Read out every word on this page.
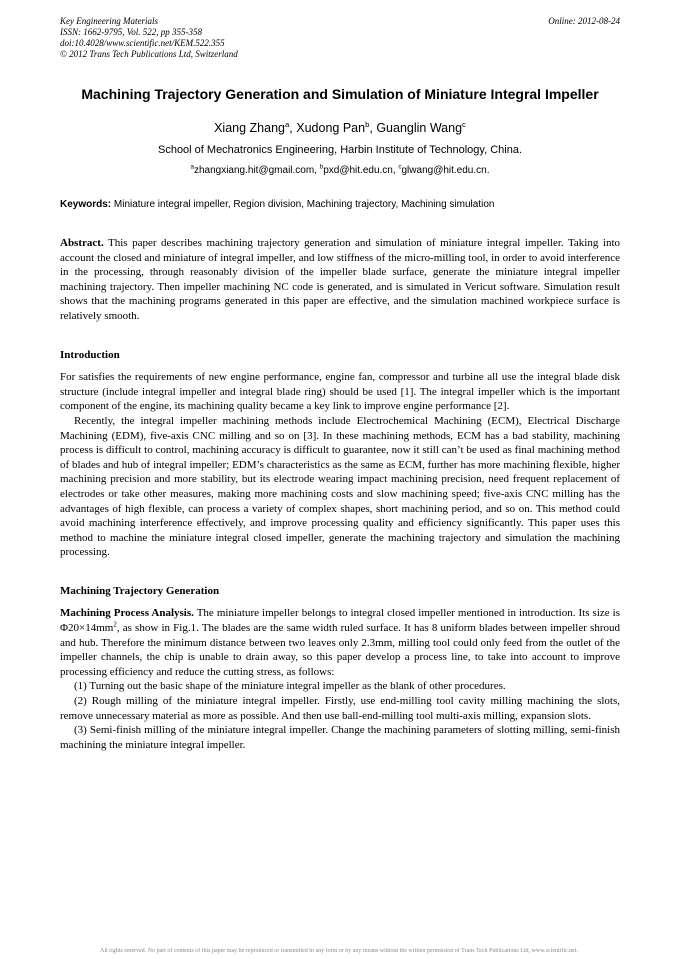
Key Engineering Materials
ISSN: 1662-9795, Vol. 522, pp 355-358
doi:10.4028/www.scientific.net/KEM.522.355
© 2012 Trans Tech Publications Ltd, Switzerland
Online: 2012-08-24
Machining Trajectory Generation and Simulation of Miniature Integral Impeller

Xiang Zhang$^a$, Xudong Pan$^b$, Guanglin Wang$^c$

School of Mechatronics Engineering, Harbin Institute of Technology, China.

$^a$zhangxiang.hit@gmail.com, $^b$pxd@hit.edu.cn, $^c$glwang@hit.edu.cn.

Keywords: Miniature integral impeller, Region division, Machining trajectory, Machining simulation

Abstract. This paper describes machining trajectory generation and simulation of miniature integral impeller. Taking into account the closed and miniature of integral impeller, and low stiffness of the micro-milling tool, in order to avoid interference in the processing, through reasonably division of the impeller blade surface, generate the miniature integral impeller machining trajectory. Then impeller machining NC code is generated, and is simulated in Vericut software. Simulation result shows that the machining programs generated in this paper are effective, and the simulation machined workpiece surface is relatively smooth.

Introduction

For satisfies the requirements of new engine performance, engine fan, compressor and turbine all use the integral blade disk structure (include integral impeller and integral blade ring) should be used [1]. The integral impeller which is the important component of the engine, its machining quality became a key link to improve engine performance [2].

Recently, the integral impeller machining methods include Electrochemical Machining (ECM), Electrical Discharge Machining (EDM), five-axis CNC milling and so on [3]. In these machining methods, ECM has a bad stability, machining process is difficult to control, machining accuracy is difficult to guarantee, now it still can’t be used as final machining method of blades and hub of integral impeller; EDM’s characteristics as the same as ECM, further has more machining flexible, higher machining precision and more stability, but its electrode wearing impact machining precision, need frequent replacement of electrodes or take other measures, making more machining costs and slow machining speed; five-axis CNC milling has the advantages of high flexible, can process a variety of complex shapes, short machining period, and so on. This method could avoid machining interference effectively, and improve processing quality and efficiency significantly. This paper uses this method to machine the miniature integral closed impeller, generate the machining trajectory and simulation the machining processing.

Machining Trajectory Generation

Machining Process Analysis. The miniature impeller belongs to integral closed impeller mentioned in introduction. Its size is $\Phi 20\times 14mm^2$, as show in Fig.1. The blades are the same width ruled surface. It has 8 uniform blades between impeller shroud and hub. Therefore the minimum distance between two leaves only 2.3mm, milling tool could only feed from the outlet of the impeller channels, the chip is unable to drain away, so this paper develop a process line, to take into account to improve processing efficiency and reduce the cutting stress, as follows:

(1) Turning out the basic shape of the miniature integral impeller as the blank of other procedures.

(2) Rough milling of the miniature integral impeller. Firstly, use end-milling tool cavity milling machining the slots, remove unnecessary material as more as possible. And then use ball-end-milling tool multi-axis milling, expansion slots.

(3) Semi-finish milling of the miniature integral impeller. Change the machining parameters of slotting milling, semi-finish machining the miniature integral impeller.

All rights reserved. No part of contents of this paper may be reproduced or transmitted in any form or by any means without the written permission of Trans Tech Publications Ltd, www.scientific.net.
